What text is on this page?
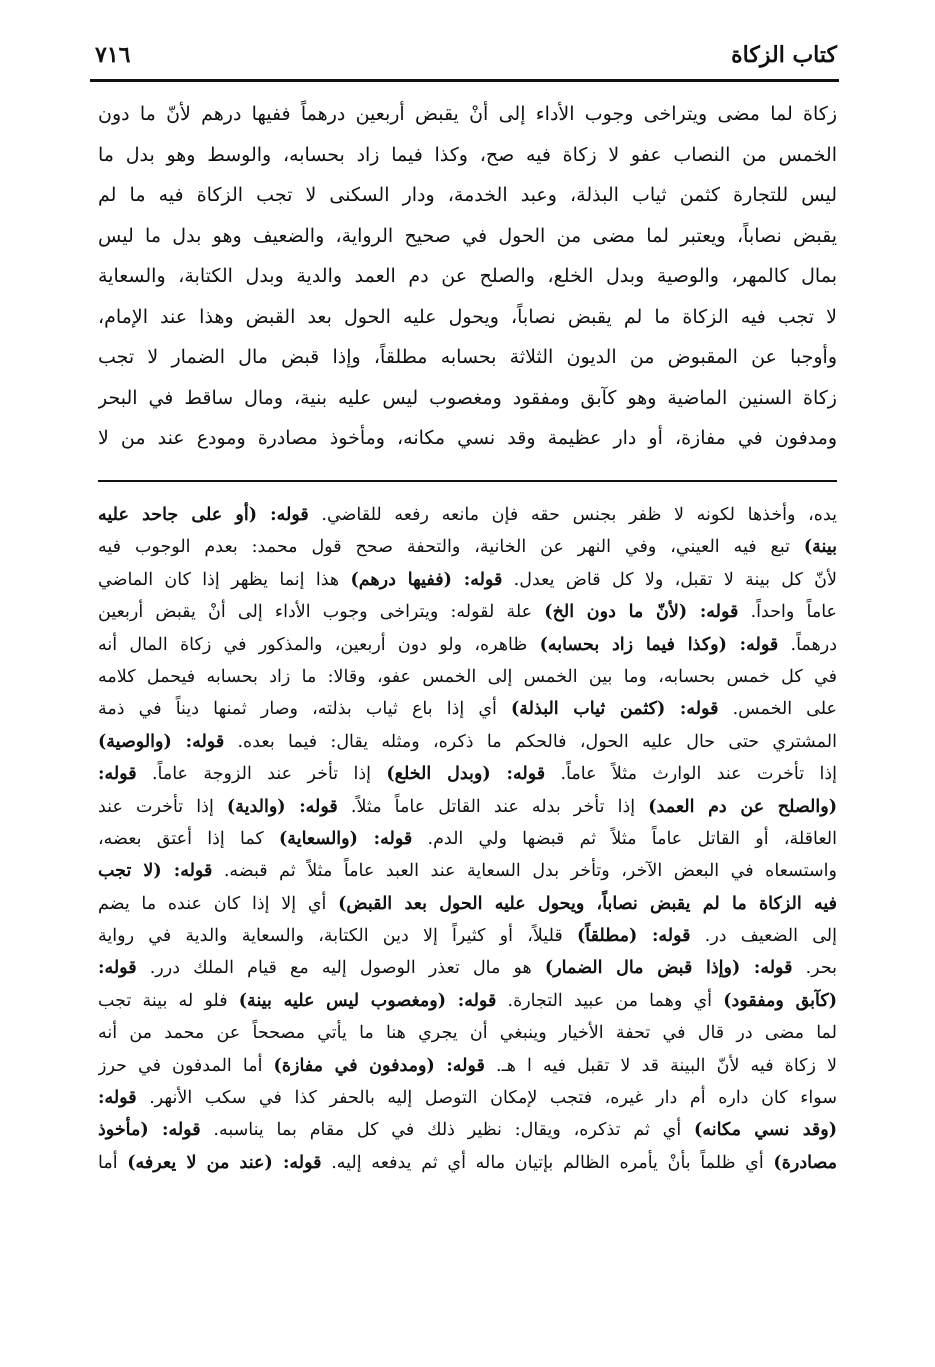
كتاب الزكاة
٧١٦
زكاة لما مضى ويتراخى وجوب الأداء إلى أنْ يقبض أربعين درهماً ففيها درهم لأنّ ما دون
الخمس من النصاب عفو لا زكاة فيه صح، وكذا فيما زاد بحسابه، والوسط وهو بدل ما
ليس للتجارة كثمن ثياب البذلة، وعبد الخدمة، ودار السكنى لا تجب الزكاة فيه ما لم
يقبض نصاباً، ويعتبر لما مضى من الحول في صحيح الرواية، والضعيف وهو بدل ما ليس
بمال كالمهر، والوصية وبدل الخلع، والصلح عن دم العمد والدية وبدل الكتابة، والسعاية
لا تجب فيه الزكاة ما لم يقبض نصاباً، ويحول عليه الحول بعد القبض وهذا عند الإمام،
وأوجبا عن المقبوض من الديون الثلاثة بحسابه مطلقاً، وإذا قبض مال الضمار لا تجب
زكاة السنين الماضية وهو كآبق ومفقود ومغصوب ليس عليه بنية، ومال ساقط في البحر
ومدفون في مفازة، أو دار عظيمة وقد نسي مكانه، ومأخوذ مصادرة ومودع عند من لا
يده، وأخذها لكونه لا ظفر بجنس حقه فإن مانعه رفعه للقاضي. قوله: (أو على جاحد عليه
بينة) تبع فيه العيني، وفي النهر عن الخانية، والتحفة صحح قول محمد: بعدم الوجوب فيه
لأنّ كل بينة لا تقبل، ولا كل قاض يعدل. قوله: (ففيها درهم) هذا إنما يظهر إذا كان الماضي
عاماً واحداً. قوله: (لأنّ ما دون الخ) علة لقوله: ويتراخى وجوب الأداء إلى أنْ يقبض أربعين
درهماً. قوله: (وكذا فيما زاد بحسابه) ظاهره، ولو دون أربعين، والمذكور في زكاة المال أنه
في كل خمس بحسابه، وما بين الخمس إلى الخمس عفو، وقالا: ما زاد بحسابه فيحمل كلامه
على الخمس. قوله: (كثمن ثياب البذلة) أي إذا باع ثياب بذلته، وصار ثمنها ديناً في ذمة
المشتري حتى حال عليه الحول، فالحكم ما ذكره، ومثله يقال: فيما بعده. قوله: (والوصية)
إذا تأخرت عند الوارث مثلاً عاماً. قوله: (وبدل الخلع) إذا تأخر عند الزوجة عاماً. قوله:
(والصلح عن دم العمد) إذا تأخر بدله عند القاتل عاماً مثلاً. قوله: (والدية) إذا تأخرت عند
العاقلة، أو القاتل عاماً مثلاً ثم قبضها ولي الدم. قوله: (والسعاية) كما إذا أعتق بعضه،
واستسعاه في البعض الآخر، وتأخر بدل السعاية عند العبد عاماً مثلاً ثم قبضه. قوله: (لا تجب
فيه الزكاة ما لم يقبض نصاباً، ويحول عليه الحول بعد القبض) أي إلا إذا كان عنده ما يضم
إلى الضعيف در. قوله: (مطلقاً) قليلاً، أو كثيراً إلا دين الكتابة، والسعاية والدية في رواية
بحر. قوله: (وإذا قبض مال الضمار) هو مال تعذر الوصول إليه مع قيام الملك درر. قوله:
(كآبق ومفقود) أي وهما من عبيد التجارة. قوله: (ومغصوب ليس عليه بينة) فلو له بينة تجب
لما مضى در قال في تحفة الأخيار وينبغي أن يجري هنا ما يأتي مصححاً عن محمد من أنه
لا زكاة فيه لأنّ البينة قد لا تقبل فيه ا هـ. قوله: (ومدفون في مفازة) أما المدفون في حرز
سواء كان داره أم دار غيره، فتجب لإمكان التوصل إليه بالحفر كذا في سكب الأنهر. قوله:
(وقد نسي مكانه) أي ثم تذكره، ويقال: نظير ذلك في كل مقام بما يناسبه. قوله: (مأخوذ
مصادرة) أي ظلماً بأنْ يأمره الظالم بإتيان ماله أي ثم يدفعه إليه. قوله: (عند من لا يعرفه) أما
